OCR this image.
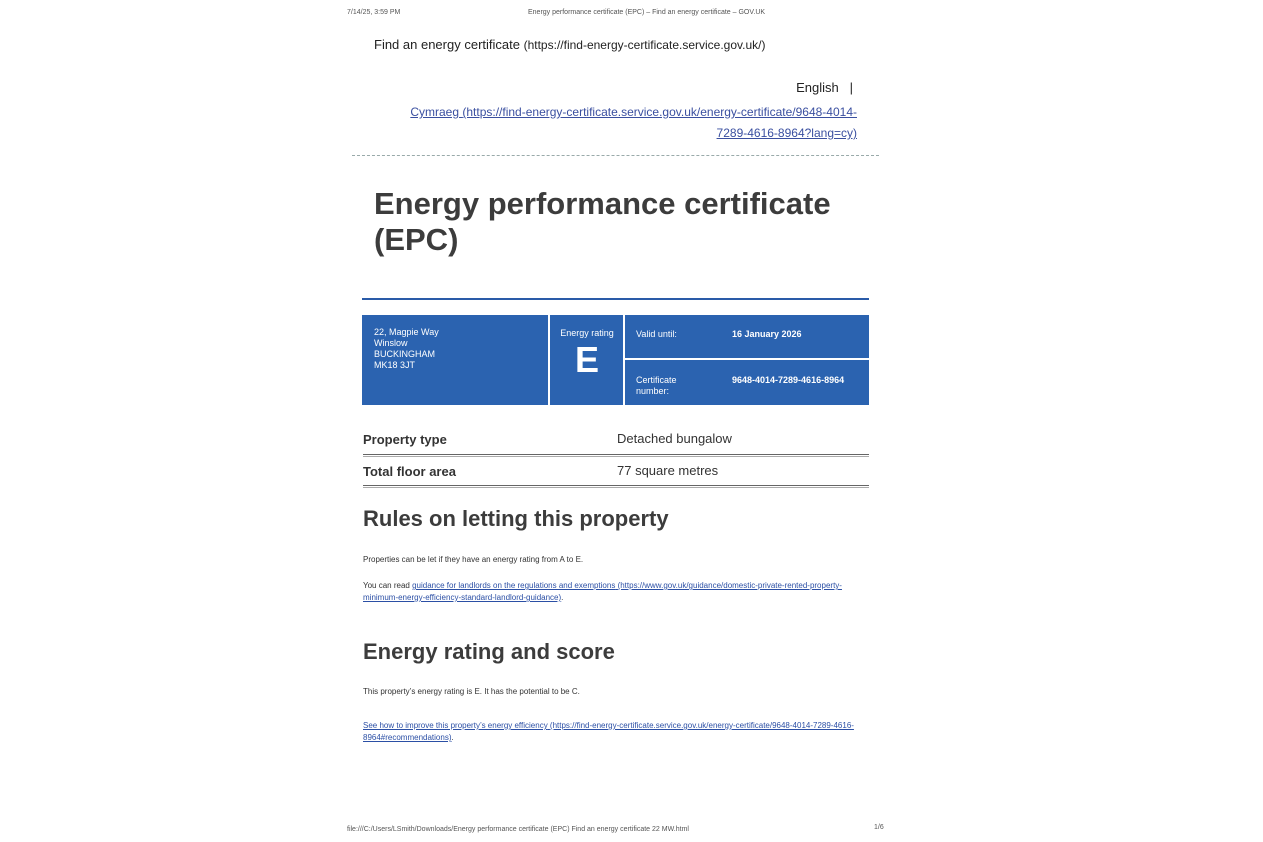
7/14/25, 3:59 PM	Energy performance certificate (EPC) – Find an energy certificate – GOV.UK
Find an energy certificate (https://find-energy-certificate.service.gov.uk/)
English |
Cymraeg (https://find-energy-certificate.service.gov.uk/energy-certificate/9648-4014-7289-4616-8964?lang=cy)
Energy performance certificate (EPC)
22, Magpie Way
Winslow
BUCKINGHAM
MK18 3JT
Energy rating
E
Valid until:	16 January 2026
Certificate number:
9648-4014-7289-4616-8964
Property type	Detached bungalow
Total floor area	77 square metres
Rules on letting this property
Properties can be let if they have an energy rating from A to E.
You can read guidance for landlords on the regulations and exemptions (https://www.gov.uk/guidance/domestic-private-rented-property-minimum-energy-efficiency-standard-landlord-guidance).
Energy rating and score
This property’s energy rating is E. It has the potential to be C.
See how to improve this property’s energy efficiency (https://find-energy-certificate.service.gov.uk/energy-certificate/9648-4014-7289-4616-8964#recommendations).
file:///C:/Users/LSmith/Downloads/Energy performance certificate (EPC) Find an energy certificate 22 MW.html	1/6
